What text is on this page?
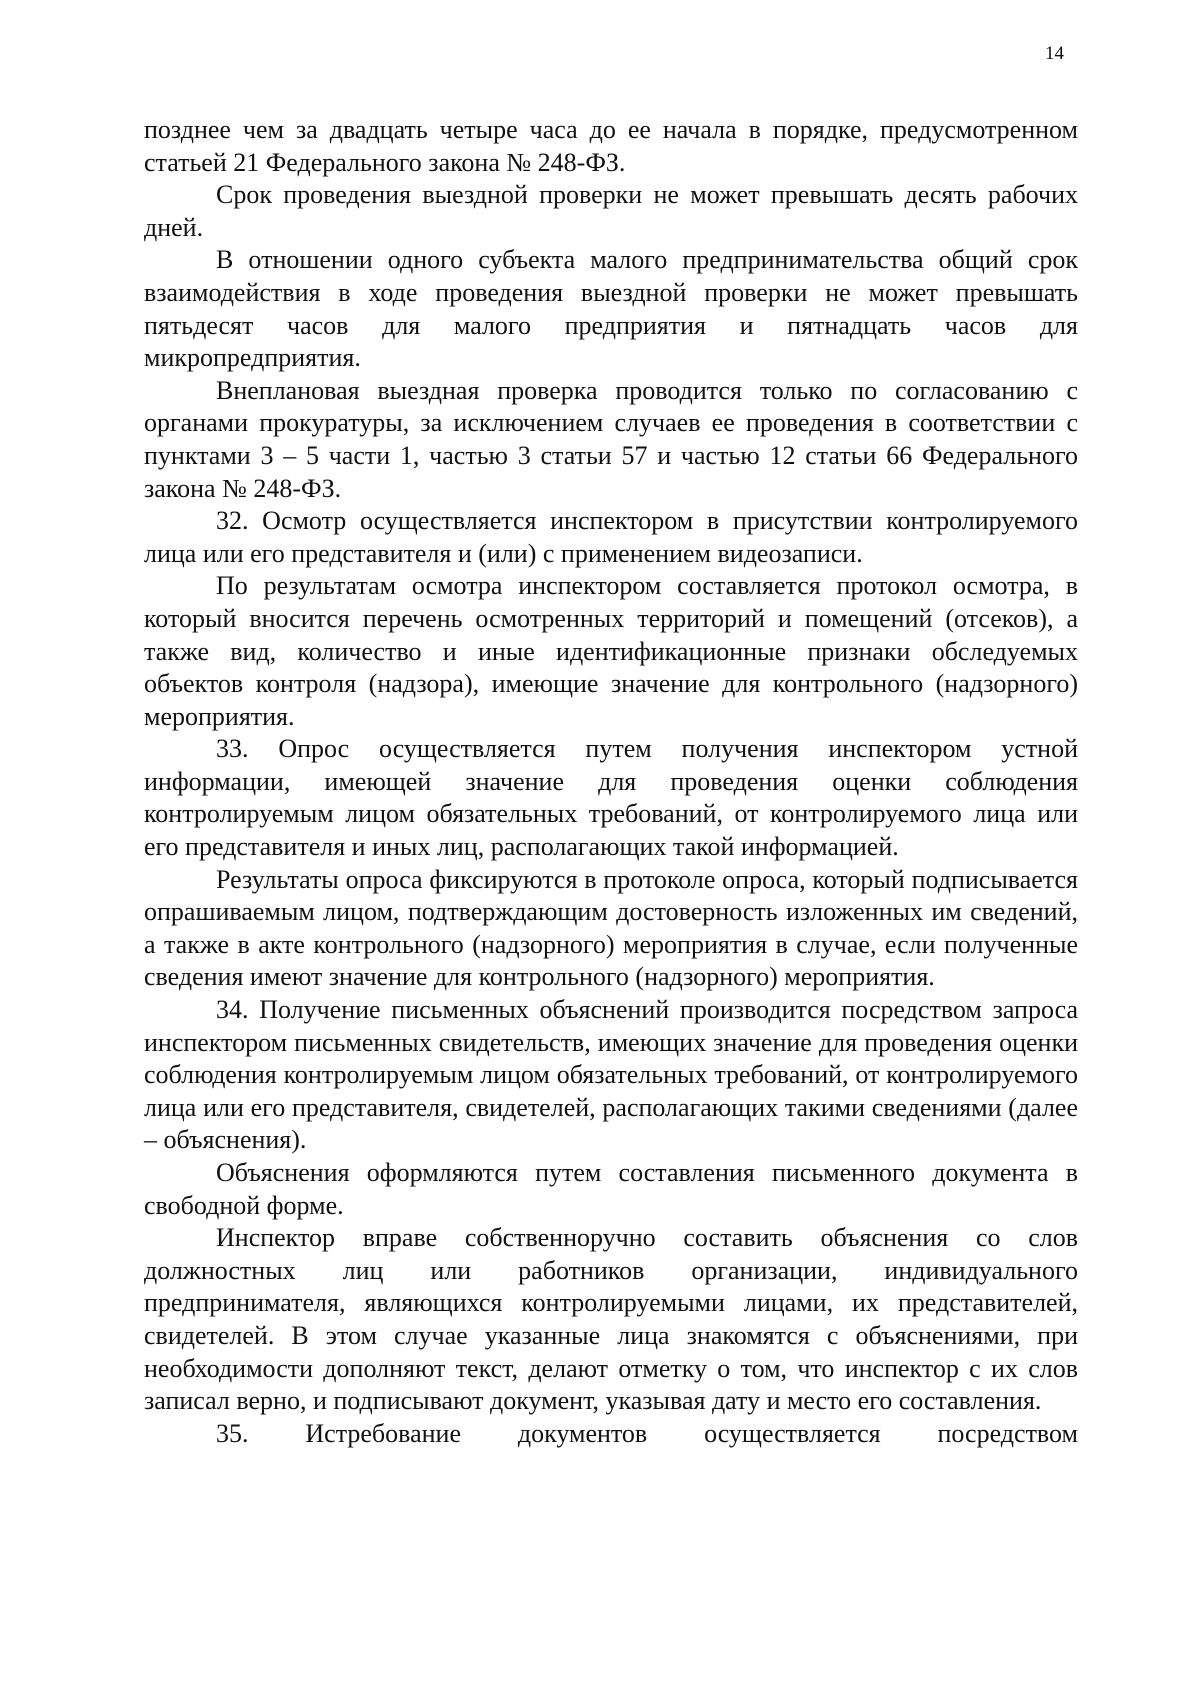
14

позднее чем за двадцать четыре часа до ее начала в порядке, предусмотренном статьей 21 Федерального закона № 248-ФЗ.

Срок проведения выездной проверки не может превышать десять рабочих дней.

В отношении одного субъекта малого предпринимательства общий срок взаимодействия в ходе проведения выездной проверки не может превышать пятьдесят часов для малого предприятия и пятнадцать часов для микропредприятия.

Внеплановая выездная проверка проводится только по согласованию с органами прокуратуры, за исключением случаев ее проведения в соответствии с пунктами 3 – 5 части 1, частью 3 статьи 57 и частью 12 статьи 66 Федерального закона № 248-ФЗ.

32. Осмотр осуществляется инспектором в присутствии контролируемого лица или его представителя и (или) с применением видеозаписи.

По результатам осмотра инспектором составляется протокол осмотра, в который вносится перечень осмотренных территорий и помещений (отсеков), а также вид, количество и иные идентификационные признаки обследуемых объектов контроля (надзора), имеющие значение для контрольного (надзорного) мероприятия.

33. Опрос осуществляется путем получения инспектором устной информации, имеющей значение для проведения оценки соблюдения контролируемым лицом обязательных требований, от контролируемого лица или его представителя и иных лиц, располагающих такой информацией.

Результаты опроса фиксируются в протоколе опроса, который подписывается опрашиваемым лицом, подтверждающим достоверность изложенных им сведений, а также в акте контрольного (надзорного) мероприятия в случае, если полученные сведения имеют значение для контрольного (надзорного) мероприятия.

34. Получение письменных объяснений производится посредством запроса инспектором письменных свидетельств, имеющих значение для проведения оценки соблюдения контролируемым лицом обязательных требований, от контролируемого лица или его представителя, свидетелей, располагающих такими сведениями (далее – объяснения).

Объяснения оформляются путем составления письменного документа в свободной форме.

Инспектор вправе собственноручно составить объяснения со слов должностных лиц или работников организации, индивидуального предпринимателя, являющихся контролируемыми лицами, их представителей, свидетелей. В этом случае указанные лица знакомятся с объяснениями, при необходимости дополняют текст, делают отметку о том, что инспектор с их слов записал верно, и подписывают документ, указывая дату и место его составления.

35. Истребование документов осуществляется посредством
